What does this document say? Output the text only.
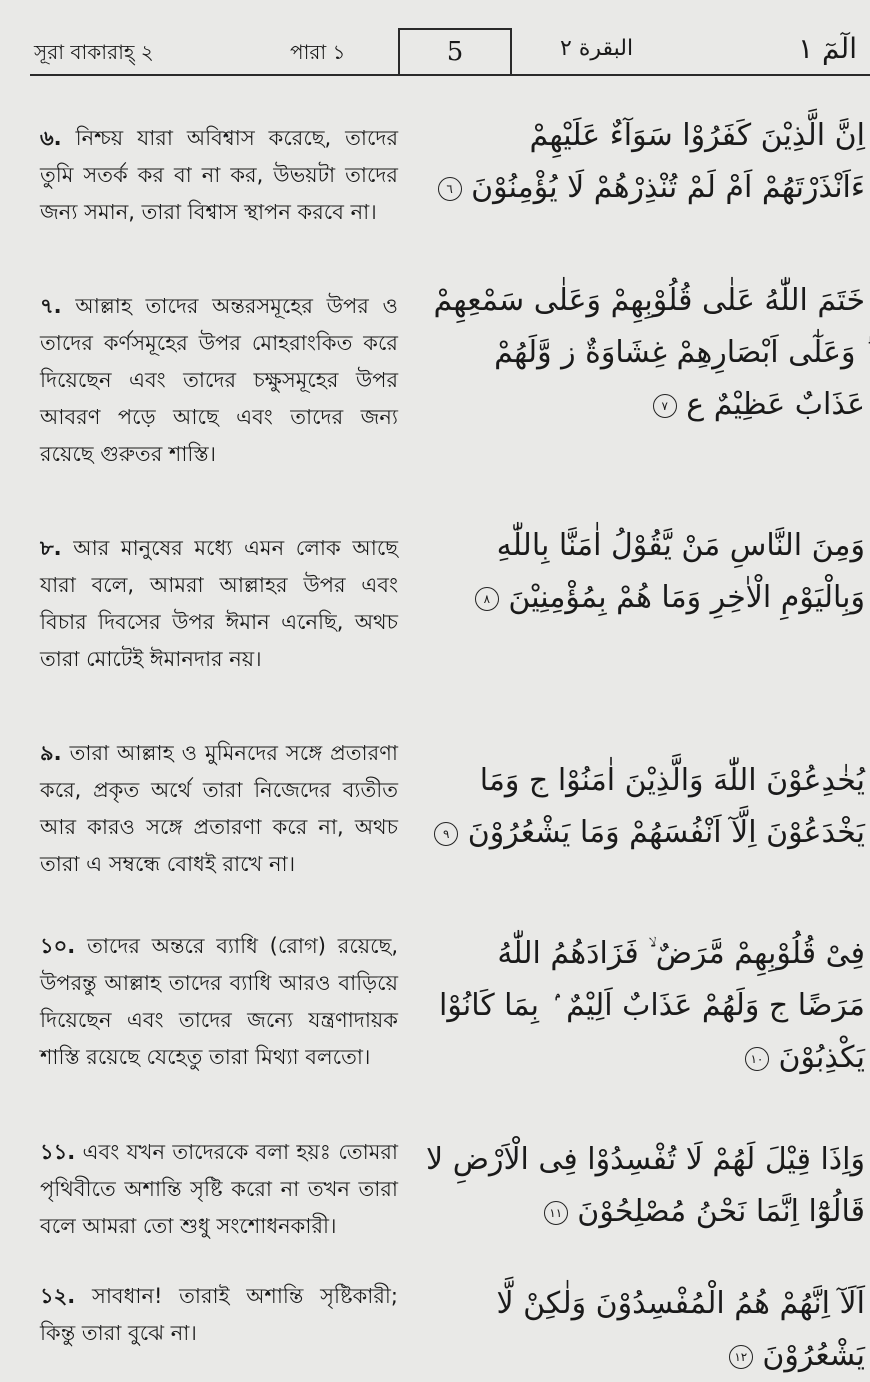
সূরা বাকারাহ্ ২	পারা ১	5	البقرة ٢	الٓمٓ ١
৬. নিশ্চয় যারা অবিশ্বাস করেছে, তাদের তুমি সতর্ক কর বা না কর, উভয়টা তাদের জন্য সমান, তারা বিশ্বাস স্থাপন করবে না।
৭. আল্লাহ তাদের অন্তরসমূহের উপর ও তাদের কর্ণসমূহের উপর মোহরাংকিত করে দিয়েছেন এবং তাদের চক্ষুসমূহের উপর আবরণ পড়ে আছে এবং তাদের জন্য রয়েছে গুরুতর শাস্তি।
৮. আর মানুষের মধ্যে এমন লোক আছে যারা বলে, আমরা আল্লাহর উপর এবং বিচার দিবসের উপর ঈমান এনেছি, অথচ তারা মোটেই ঈমানদার নয়।
৯. তারা আল্লাহ ও মুমিনদের সঙ্গে প্রতারণা করে, প্রকৃত অর্থে তারা নিজেদের ব্যতীত আর কারও সঙ্গে প্রতারণা করে না, অথচ তারা এ সম্বন্ধে বোধই রাখে না।
১০. তাদের অন্তরে ব্যাধি (রোগ) রয়েছে, উপরন্তু আল্লাহ তাদের ব্যাধি আরও বাড়িয়ে দিয়েছেন এবং তাদের জন্যে যন্ত্রণাদায়ক শাস্তি রয়েছে যেহেতু তারা মিথ্যা বলতো।
১১. এবং যখন তাদেরকে বলা হয়ঃ তোমরা পৃথিবীতে অশান্তি সৃষ্টি করো না তখন তারা বলে আমরা তো শুধু সংশোধনকারী।
১২. সাবধান! তারাই অশান্তি সৃষ্টিকারী; কিন্তু তারা বুঝে না।
اِنَّ الَّذِیْنَ كَفَرُوْا سَوَآءٌ عَلَیْهِمْ ءَاَنْذَرْتَهُمْ اَمْ لَمْ تُنْذِرْهُمْ لَا یُؤْمِنُوْنَ ٦
خَتَمَ اللّٰهُ عَلٰى قُلُوْبِهِمْ وَعَلٰى سَمْعِهِمْ ؕ وَعَلٰٓى اَبْصَارِهِمْ غِشَاوَةٌ ز وَّلَهُمْ عَذَابٌ عَظِیْمٌ ع ٧
وَمِنَ النَّاسِ مَنْ یَّقُوْلُ اٰمَنَّا بِاللّٰهِ وَبِالْیَوْمِ الْاٰخِرِ وَمَا هُمْ بِمُؤْمِنِیْنَ ٨
یُخٰدِعُوْنَ اللّٰهَ وَالَّذِیْنَ اٰمَنُوْا ج وَمَا یَخْدَعُوْنَ اِلَّآ اَنْفُسَهُمْ وَمَا یَشْعُرُوْنَ ٩
فِیْ قُلُوْبِهِمْ مَّرَضٌ ۙ فَزَادَهُمُ اللّٰهُ مَرَضًا ج وَلَهُمْ عَذَابٌ اَلِیْمٌ ۢ بِمَا كَانُوْا یَكْذِبُوْنَ ١٠
وَاِذَا قِیْلَ لَهُمْ لَا تُفْسِدُوْا فِی الْاَرْضِ لا قَالُوْٓا اِنَّمَا نَحْنُ مُصْلِحُوْنَ ١١
اَلَآ اِنَّهُمْ هُمُ الْمُفْسِدُوْنَ وَلٰكِنْ لَّا یَشْعُرُوْنَ ١٢
